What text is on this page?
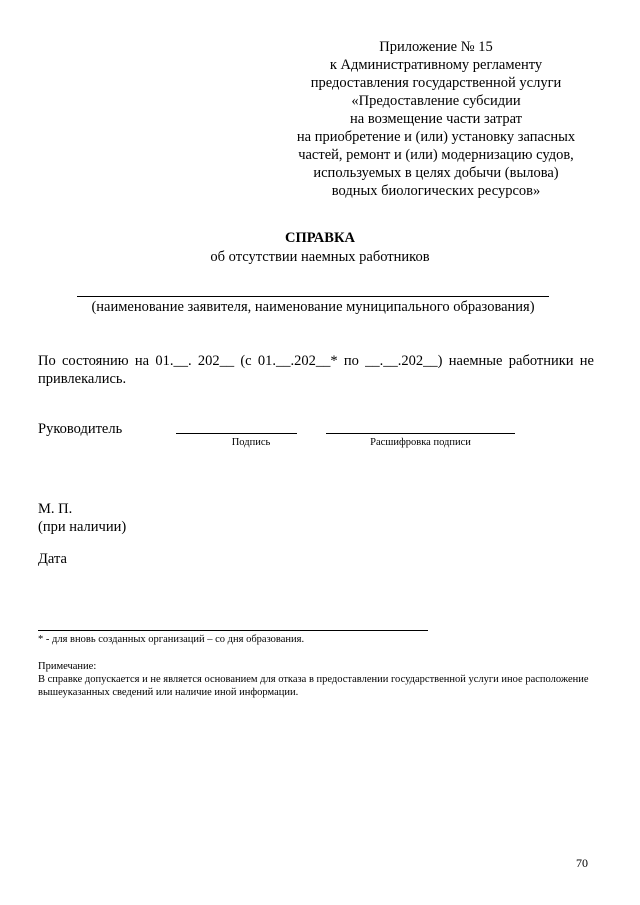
Приложение № 15
к Административному регламенту
предоставления государственной услуги
«Предоставление субсидии
на возмещение части затрат
на приобретение и (или) установку запасных
частей, ремонт и (или) модернизацию судов,
используемых в целях добычи (вылова)
водных биологических ресурсов»
СПРАВКА
об отсутствии наемных работников
(наименование заявителя, наименование муниципального образования)
По состоянию на 01.__. 202__ (с 01.__.202__* по __.__.202__) наемные работники не привлекались.
Руководитель
Подпись	Расшифровка подписи
М. П.
(при наличии)
Дата
* - для вновь созданных организаций – со дня образования.
Примечание:
В справке допускается и не является основанием для отказа в предоставлении государственной услуги иное расположение вышеуказанных сведений или наличие иной информации.
70
